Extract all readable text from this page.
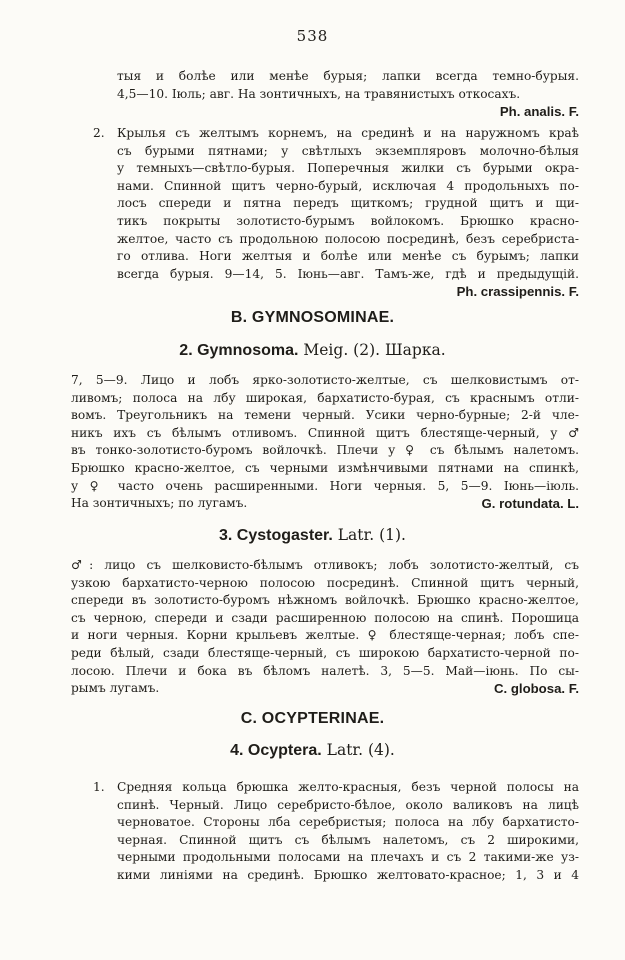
538
тыя и болѣе или менѣе бурыя; лапки всегда темно-бурыя.
4,5—10. Іюль; авг. На зонтичныхъ, на травянистыхъ откосахъ.
Ph. analis. F.
2. Крылья съ желтымъ корнемъ, на срединѣ и на наружномъ краѣ
съ бурыми пятнами; у свѣтлыхъ экземпляровъ молочно-бѣлыя
у темныхъ—свѣтло-бурыя. Поперечныя жилки съ бурыми окра-
нами. Спинной щитъ черно-бурый, исключая 4 продольныхъ по-
лосъ спереди и пятна передъ щиткомъ; грудной щитъ и щи-
тикъ покрыты золотисто-бурымъ войлокомъ. Брюшко красно-
желтое, часто съ продольною полосою посрединѣ, безъ серебриста-
го отлива. Ноги желтыя и болѣе или менѣе съ бурымъ; лапки
всегда бурыя. 9—14, 5. Іюнь—авг. Тамъ-же, гдѣ и предыдущій.
Ph. crassipennis. F.
B. GYMNOSOMINAE.
2. Gymnosoma. Meig. (2). Шарка.
7, 5—9. Лицо и лобъ ярко-золотисто-желтые, съ шелковистымъ от-
ливомъ; полоса на лбу широкая, бархатисто-бурая, съ краснымъ отли-
вомъ. Треугольникъ на темени черный. Усики черно-бурные; 2-й чле-
никъ ихъ съ бѣлымъ отливомъ. Спинной щитъ блестяще-черный, у ♂
въ тонко-золотисто-буромъ войлочкѣ. Плечи у ♀ съ бѣлымъ налетомъ.
Брюшко красно-желтое, съ черными измѣнчивыми пятнами на спинкѣ,
у ♀ часто очень расширенными. Ноги черныя. 5, 5—9. Іюнь—іюль.
На зонтичныхъ; по лугамъ.	G. rotundata. L.
3. Cystogaster. Latr. (1).
♂: лицо съ шелковисто-бѣлымъ отливокъ; лобъ золотисто-желтый, съ
узкою бархатисто-черною полосою посрединѣ. Спинной щитъ черный,
спереди въ золотисто-буромъ нѣжномъ войлочкѣ. Брюшко красно-желтое,
съ черною, спереди и сзади расширенною полосою на спинѣ. Порошица
и ноги черныя. Корни крыльевъ желтые. ♀ блестяще-черная; лобъ спе-
реди бѣлый, сзади блестяще-черный, съ широкою бархатисто-черной по-
лосою. Плечи и бока въ бѣломъ налетѣ. 3, 5—5. Май—іюнь. По сы-
рымъ лугамъ.	C. globosa. F.
C. OCYPTERINAE.
4. Ocyptera. Latr. (4).
1. Средняя кольца брюшка желто-красныя, безъ черной полосы на
спинѣ. Черный. Лицо серебристо-бѣлое, около валиковъ на лицѣ
черноватое. Стороны лба серебристыя; полоса на лбу бархатисто-
черная. Спинной щитъ съ бѣлымъ налетомъ, съ 2 широкими,
черными продольными полосами на плечахъ и съ 2 такими-же уз-
кими линіями на срединѣ. Брюшко желтовато-красное; 1, 3 и 4
